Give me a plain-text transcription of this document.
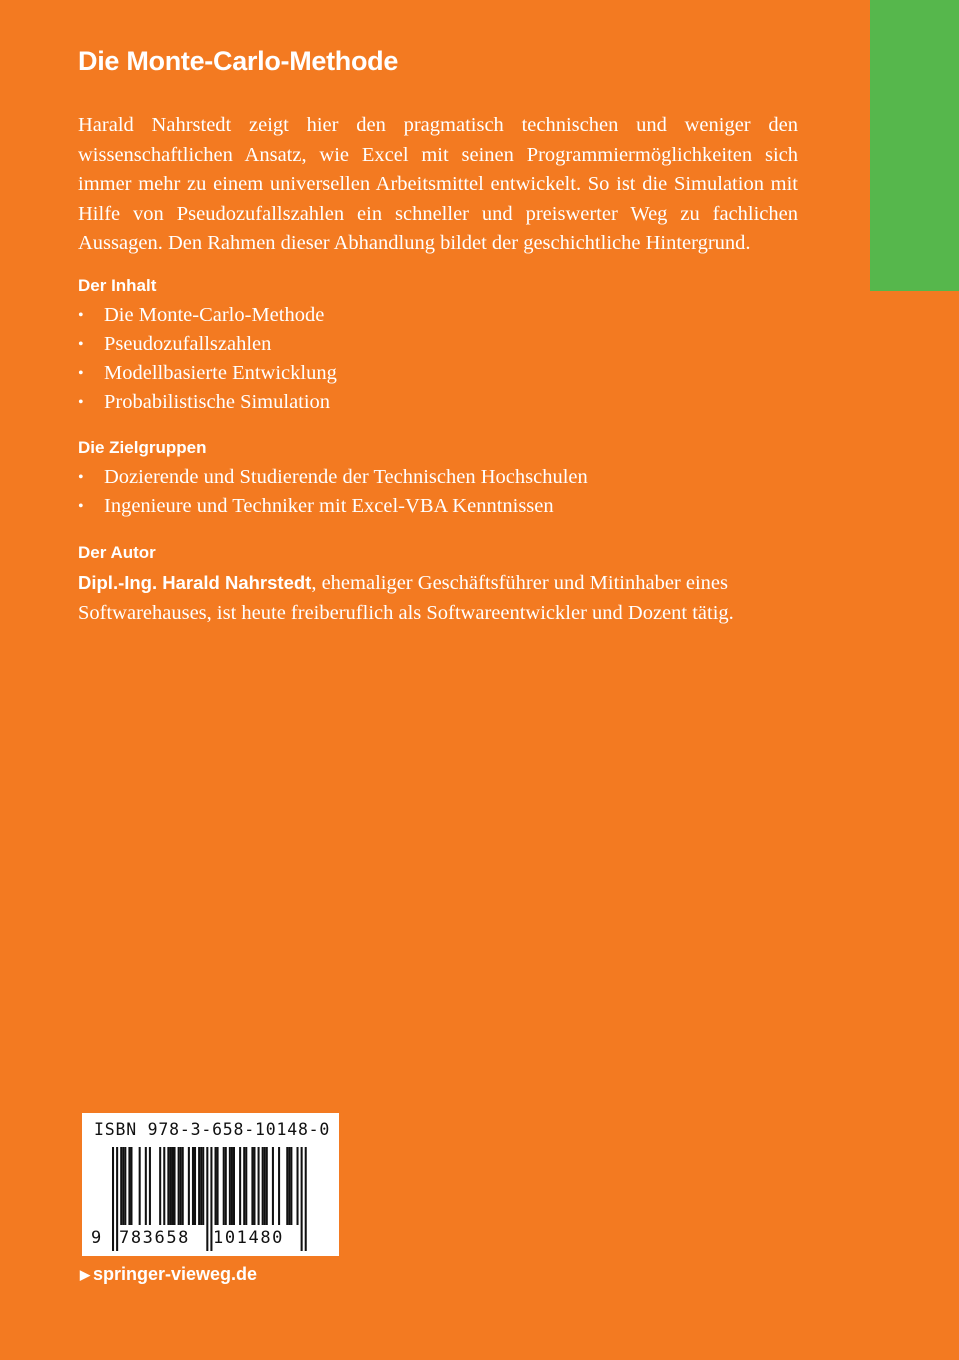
Die Monte-Carlo-Methode

Harald Nahrstedt zeigt hier den pragmatisch technischen und weniger den wissenschaftlichen Ansatz, wie Excel mit seinen Programmiermöglichkeiten sich immer mehr zu einem universellen Arbeitsmittel entwickelt. So ist die Simulation mit Hilfe von Pseudozufallszahlen ein schneller und preiswerter Weg zu fachlichen Aussagen. Den Rahmen dieser Abhandlung bildet der geschichtliche Hintergrund.

Der Inhalt
• Die Monte-Carlo-Methode
• Pseudozufallszahlen
• Modellbasierte Entwicklung
• Probabilistische Simulation
Die Zielgruppen
• Dozierende und Studierende der Technischen Hochschulen
• Ingenieure und Techniker mit Excel-VBA Kenntnissen
Der Autor

Dipl.-Ing. Harald Nahrstedt, ehemaliger Geschäftsführer und Mitinhaber eines Softwarehauses, ist heute freiberuflich als Softwareentwickler und Dozent tätig.

ISBN 978-3-658-10148-0
9 783658 101480
▶ springer-vieweg.de
